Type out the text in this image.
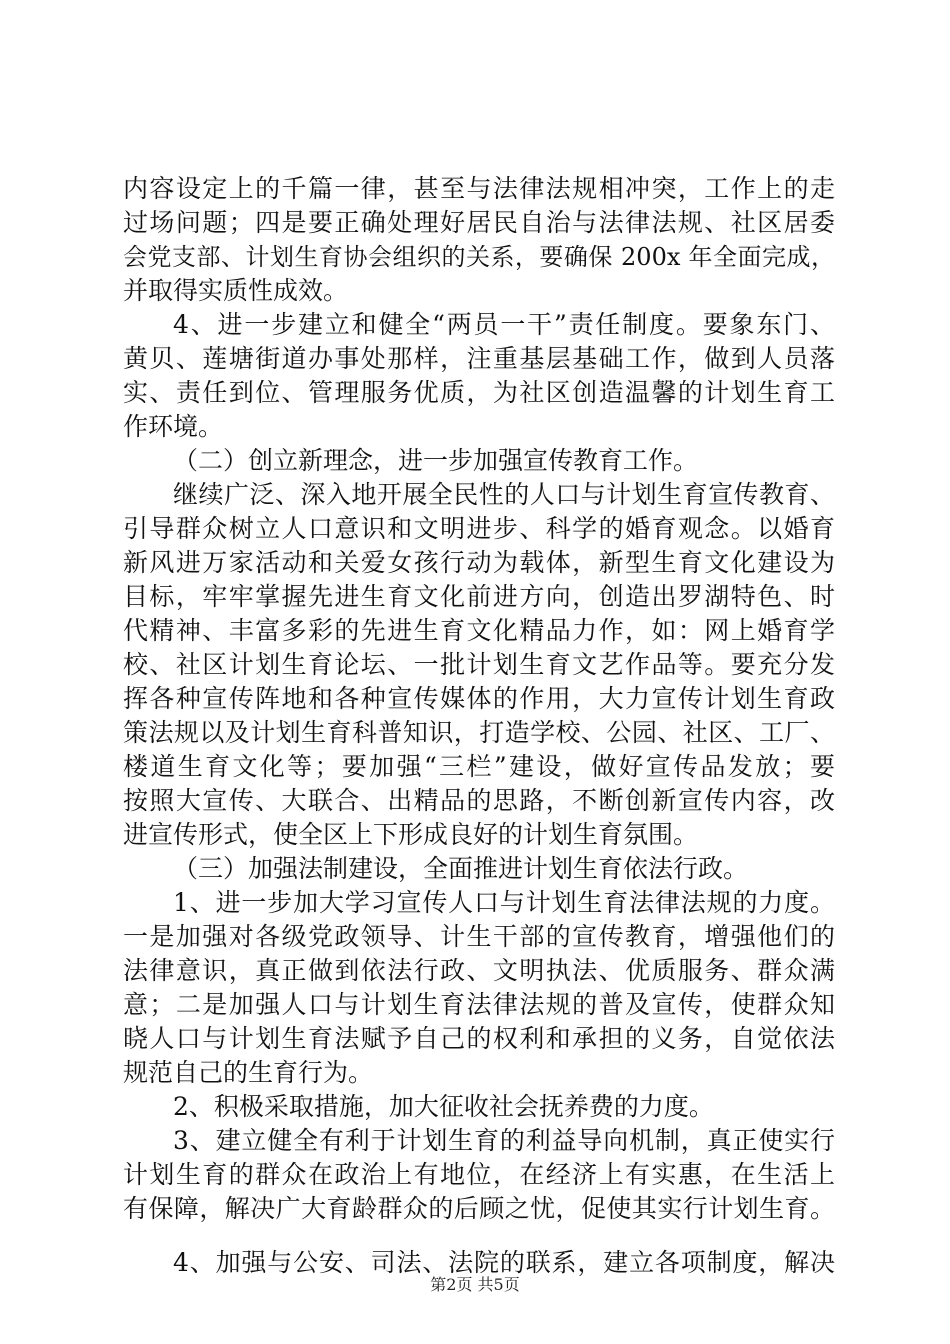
内容设定上的千篇一律，甚至与法律法规相冲突，工作上的走
过场问题；四是要正确处理好居民自治与法律法规、社区居委
会党支部、计划生育协会组织的关系，要确保 200x 年全面完成，
并取得实质性成效。
4、进一步建立和健全“两员一干”责任制度。要象东门、
黄贝、莲塘街道办事处那样，注重基层基础工作，做到人员落
实、责任到位、管理服务优质，为社区创造温馨的计划生育工
作环境。
（二）创立新理念，进一步加强宣传教育工作。
继续广泛、深入地开展全民性的人口与计划生育宣传教育、
引导群众树立人口意识和文明进步、科学的婚育观念。以婚育
新风进万家活动和关爱女孩行动为载体，新型生育文化建设为
目标，牢牢掌握先进生育文化前进方向，创造出罗湖特色、时
代精神、丰富多彩的先进生育文化精品力作，如：网上婚育学
校、社区计划生育论坛、一批计划生育文艺作品等。要充分发
挥各种宣传阵地和各种宣传媒体的作用，大力宣传计划生育政
策法规以及计划生育科普知识，打造学校、公园、社区、工厂、
楼道生育文化等；要加强“三栏”建设，做好宣传品发放；要
按照大宣传、大联合、出精品的思路，不断创新宣传内容，改
进宣传形式，使全区上下形成良好的计划生育氛围。
（三）加强法制建设，全面推进计划生育依法行政。
1、进一步加大学习宣传人口与计划生育法律法规的力度。
一是加强对各级党政领导、计生干部的宣传教育，增强他们的
法律意识，真正做到依法行政、文明执法、优质服务、群众满
意；二是加强人口与计划生育法律法规的普及宣传，使群众知
晓人口与计划生育法赋予自己的权利和承担的义务，自觉依法
规范自己的生育行为。
2、积极采取措施，加大征收社会抚养费的力度。
3、建立健全有利于计划生育的利益导向机制，真正使实行
计划生育的群众在政治上有地位，在经济上有实惠，在生活上
有保障，解决广大育龄群众的后顾之忧，促使其实行计划生育。
4、加强与公安、司法、法院的联系，建立各项制度，解决
第2页 共5页
